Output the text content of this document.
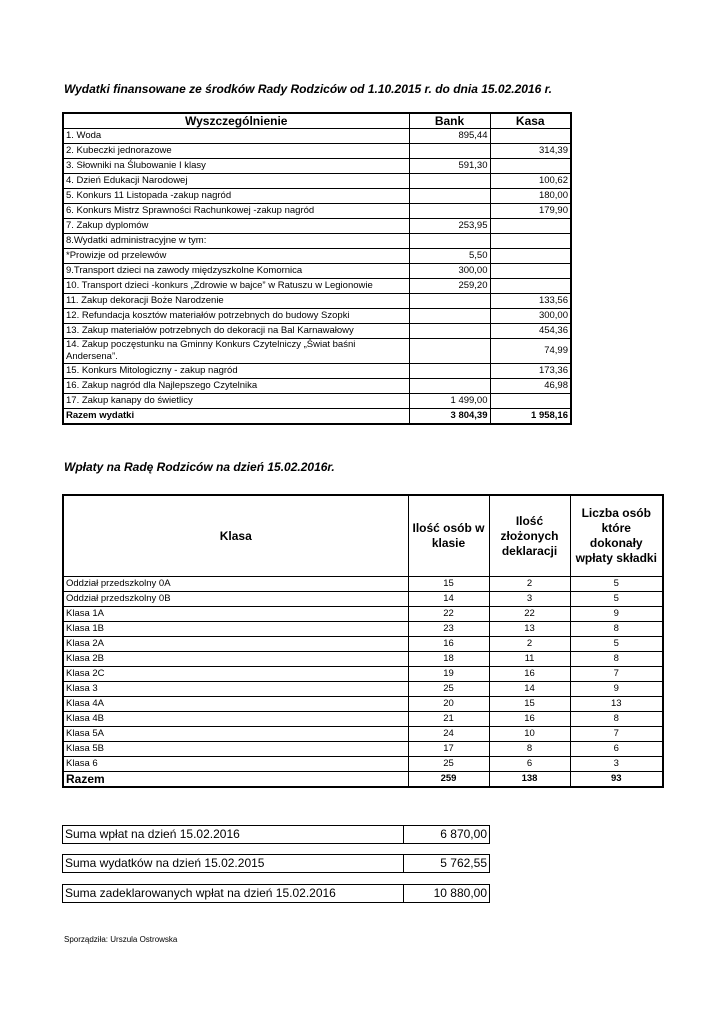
Wydatki finansowane ze środków Rady Rodziców od 1.10.2015 r. do dnia 15.02.2016 r.
Wyszczególnienie	Bank	Kasa
1. Woda	895,44	
2. Kubeczki jednorazowe		314,39
3. Słowniki na Ślubowanie I klasy	591,30	
4. Dzień Edukacji Narodowej		100,62
5. Konkurs 11 Listopada -zakup nagród		180,00
6. Konkurs Mistrz Sprawności Rachunkowej -zakup nagród		179,90
7. Zakup dyplomów	253,95	
8.Wydatki administracyjne w tym:		
*Prowizje od przelewów	5,50	
9.Transport dzieci na zawody międzyszkolne Komornica	300,00	
10. Transport dzieci -konkurs „Zdrowie w bajce” w Ratuszu w Legionowie	259,20	
11. Zakup dekoracji Boże Narodzenie		133,56
12. Refundacja kosztów materiałów potrzebnych do budowy Szopki		300,00
13. Zakup materiałów potrzebnych do dekoracji na Bal Karnawałowy		454,36
14. Zakup poczęstunku na Gminny Konkurs Czytelniczy „Świat baśni Andersena”.		74,99
15. Konkurs Mitologiczny - zakup nagród		173,36
16. Zakup nagród dla Najlepszego Czytelnika		46,98
17. Zakup kanapy do świetlicy	1 499,00	
Razem wydatki	3 804,39	1 958,16
Wpłaty na Radę Rodziców na dzień 15.02.2016r.
Klasa	Ilość osób w klasie	Ilość złożonych deklaracji	Liczba osób które dokonały wpłaty składki
Oddział przedszkolny 0A	15	2	5
Oddział przedszkolny 0B	14	3	5
Klasa 1A	22	22	9
Klasa 1B	23	13	8
Klasa 2A	16	2	5
Klasa 2B	18	11	8
Klasa 2C	19	16	7
Klasa 3	25	14	9
Klasa 4A	20	15	13
Klasa 4B	21	16	8
Klasa 5A	24	10	7
Klasa 5B	17	8	6
Klasa 6	25	6	3
Razem	259	138	93
Suma wpłat na dzień 15.02.2016	6 870,00
Suma wydatków na dzień 15.02.2015	5 762,55
Suma zadeklarowanych wpłat na dzień 15.02.2016	10 880,00
Sporządziła: Urszula Ostrowska
